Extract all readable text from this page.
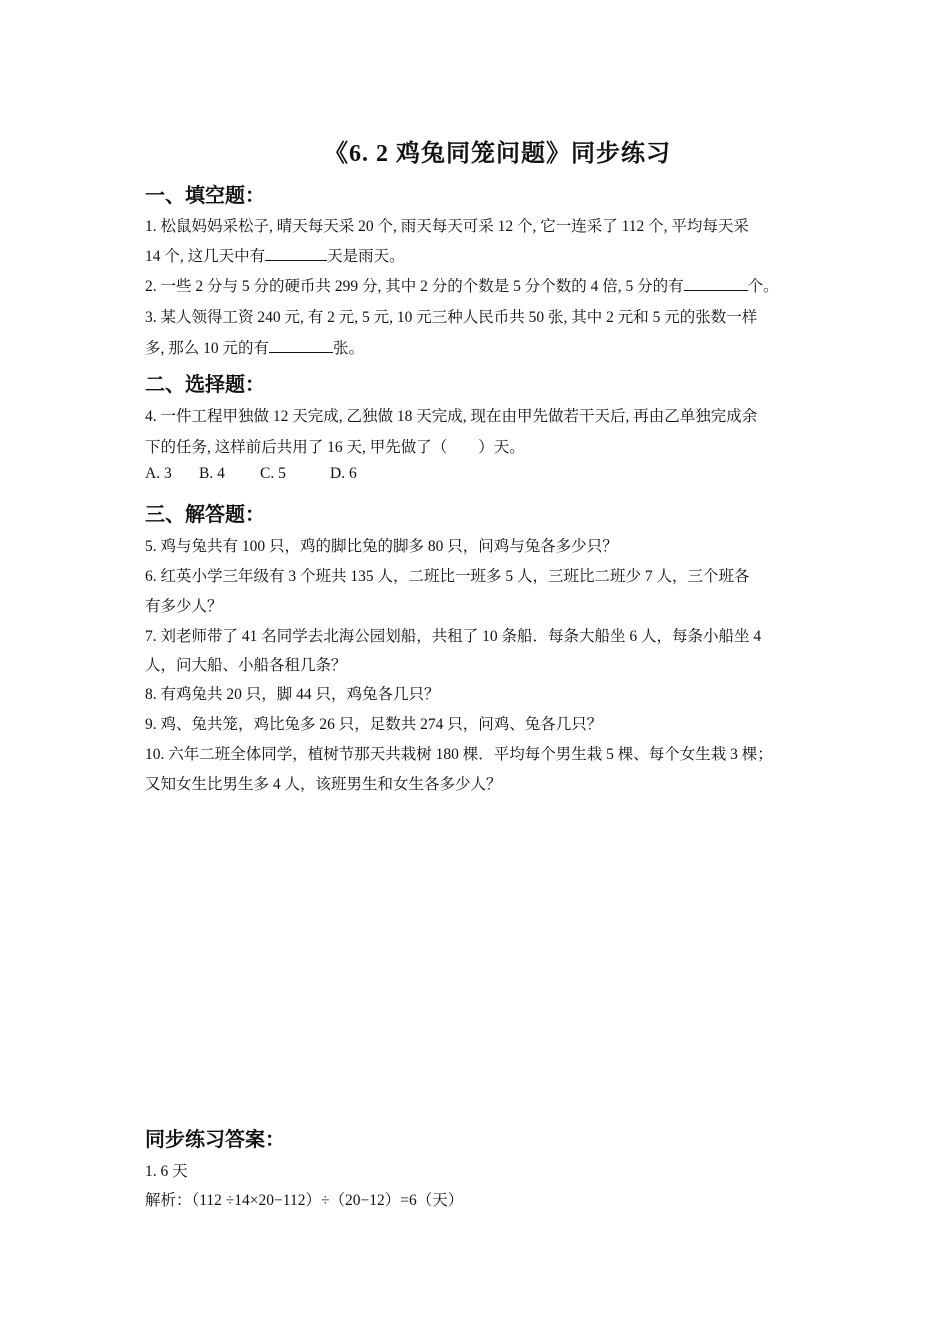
《6. 2 鸡兔同笼问题》同步练习
一、填空题：
1. 松鼠妈妈采松子, 晴天每天采 20 个, 雨天每天可采 12 个, 它一连采了 112 个, 平均每天采
14 个, 这几天中有	天是雨天。
2. 一些 2 分与 5 分的硬币共 299 分, 其中 2 分的个数是 5 分个数的 4 倍, 5 分的有	个。
3. 某人领得工资 240 元, 有 2 元, 5 元, 10 元三种人民币共 50 张, 其中 2 元和 5 元的张数一样
多, 那么 10 元的有	张。
二、选择题：
4. 一件工程甲独做 12 天完成, 乙独做 18 天完成, 现在由甲先做若干天后, 再由乙单独完成余
下的任务, 这样前后共用了 16 天, 甲先做了（　　）天。
A. 3 B. 4 C. 5	D. 6
三、解答题：
5. 鸡与兔共有 100 只，鸡的脚比兔的脚多 80 只，问鸡与兔各多少只？
6. 红英小学三年级有 3 个班共 135 人，二班比一班多 5 人，三班比二班少 7 人，三个班各
有多少人？
7. 刘老师带了 41 名同学去北海公园划船，共租了 10 条船．每条大船坐 6 人，每条小船坐 4
人，问大船、小船各租几条？
8. 有鸡兔共 20 只，脚 44 只，鸡兔各几只？
9. 鸡、兔共笼，鸡比兔多 26 只，足数共 274 只，问鸡、兔各几只？
10. 六年二班全体同学，植树节那天共栽树 180 棵．平均每个男生栽 5 棵、每个女生栽 3 棵；
又知女生比男生多 4 人，该班男生和女生各多少人？
同步练习答案：
1. 6 天
解析：（112 ÷14×20−112）÷（20−12）=6（天）
